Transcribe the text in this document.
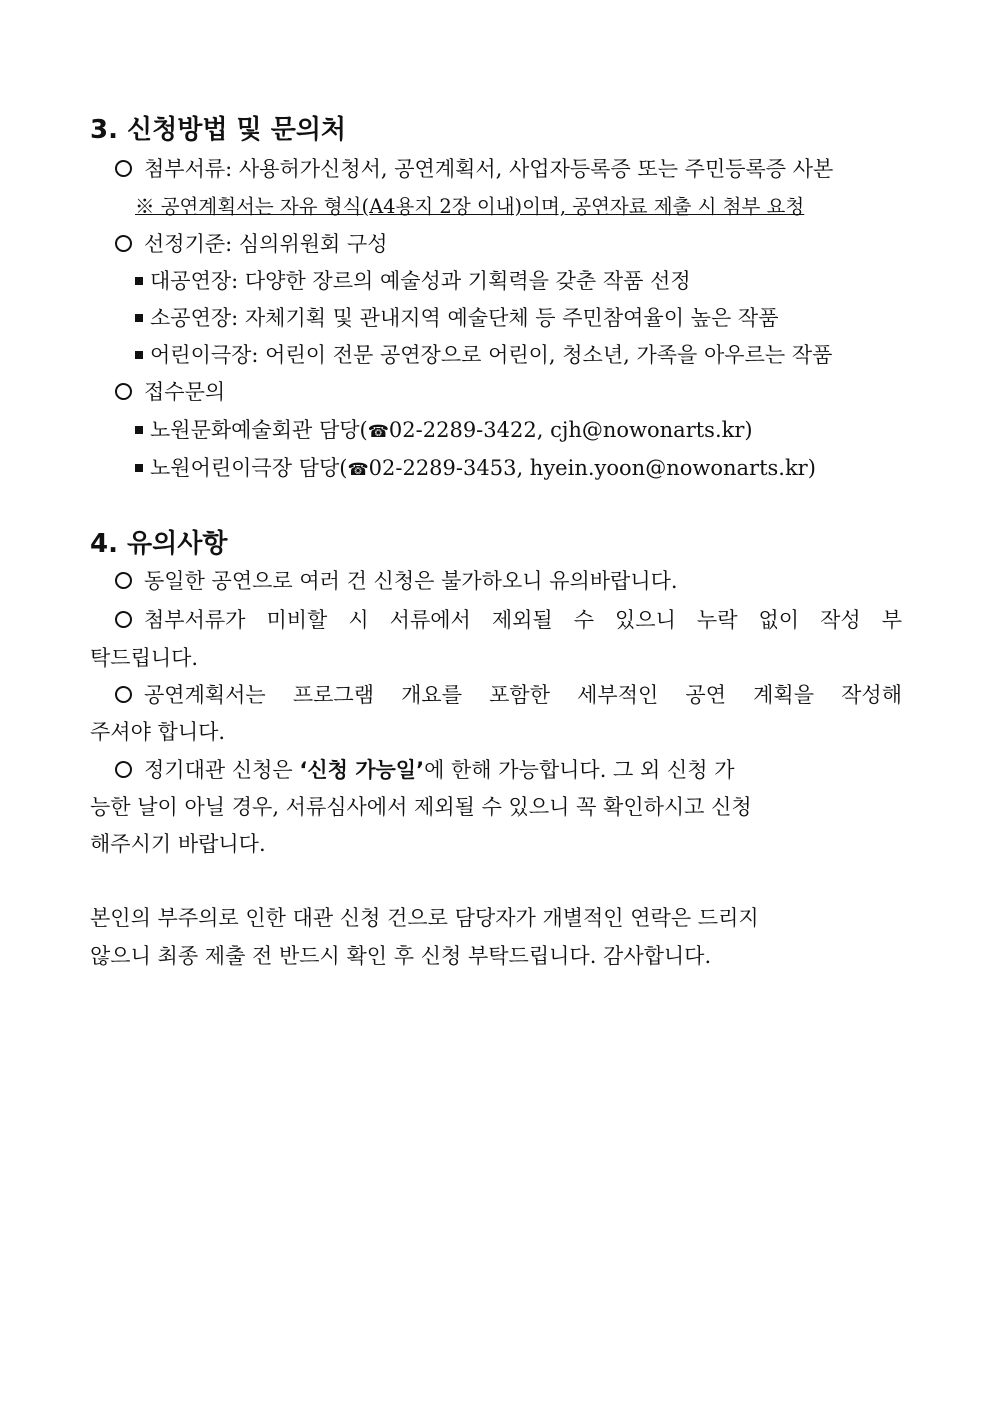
3. 신청방법 및 문의처
첨부서류: 사용허가신청서, 공연계획서, 사업자등록증 또는 주민등록증 사본
※ 공연계획서는 자유 형식(A4용지 2장 이내)이며, 공연자료 제출 시 첨부 요청
선정기준: 심의위원회 구성
대공연장: 다양한 장르의 예술성과 기획력을 갖춘 작품 선정
소공연장: 자체기획 및 관내지역 예술단체 등 주민참여율이 높은 작품
어린이극장: 어린이 전문 공연장으로 어린이, 청소년, 가족을 아우르는 작품
접수문의
노원문화예술회관 담당(☎02-2289-3422, cjh@nowonarts.kr)
노원어린이극장 담당(☎02-2289-3453, hyein.yoon@nowonarts.kr)
4. 유의사항
동일한 공연으로 여러 건 신청은 불가하오니 유의바랍니다.
첨부서류가 미비할 시 서류에서 제외될 수 있으니 누락 없이 작성 부
탁드립니다.
공연계획서는 프로그램 개요를 포함한 세부적인 공연 계획을 작성해
주셔야 합니다.
정기대관 신청은 ‘신청 가능일’에 한해 가능합니다. 그 외 신청 가
능한 날이 아닐 경우, 서류심사에서 제외될 수 있으니 꼭 확인하시고 신청
해주시기 바랍니다.
본인의 부주의로 인한 대관 신청 건으로 담당자가 개별적인 연락은 드리지
않으니 최종 제출 전 반드시 확인 후 신청 부탁드립니다. 감사합니다.
